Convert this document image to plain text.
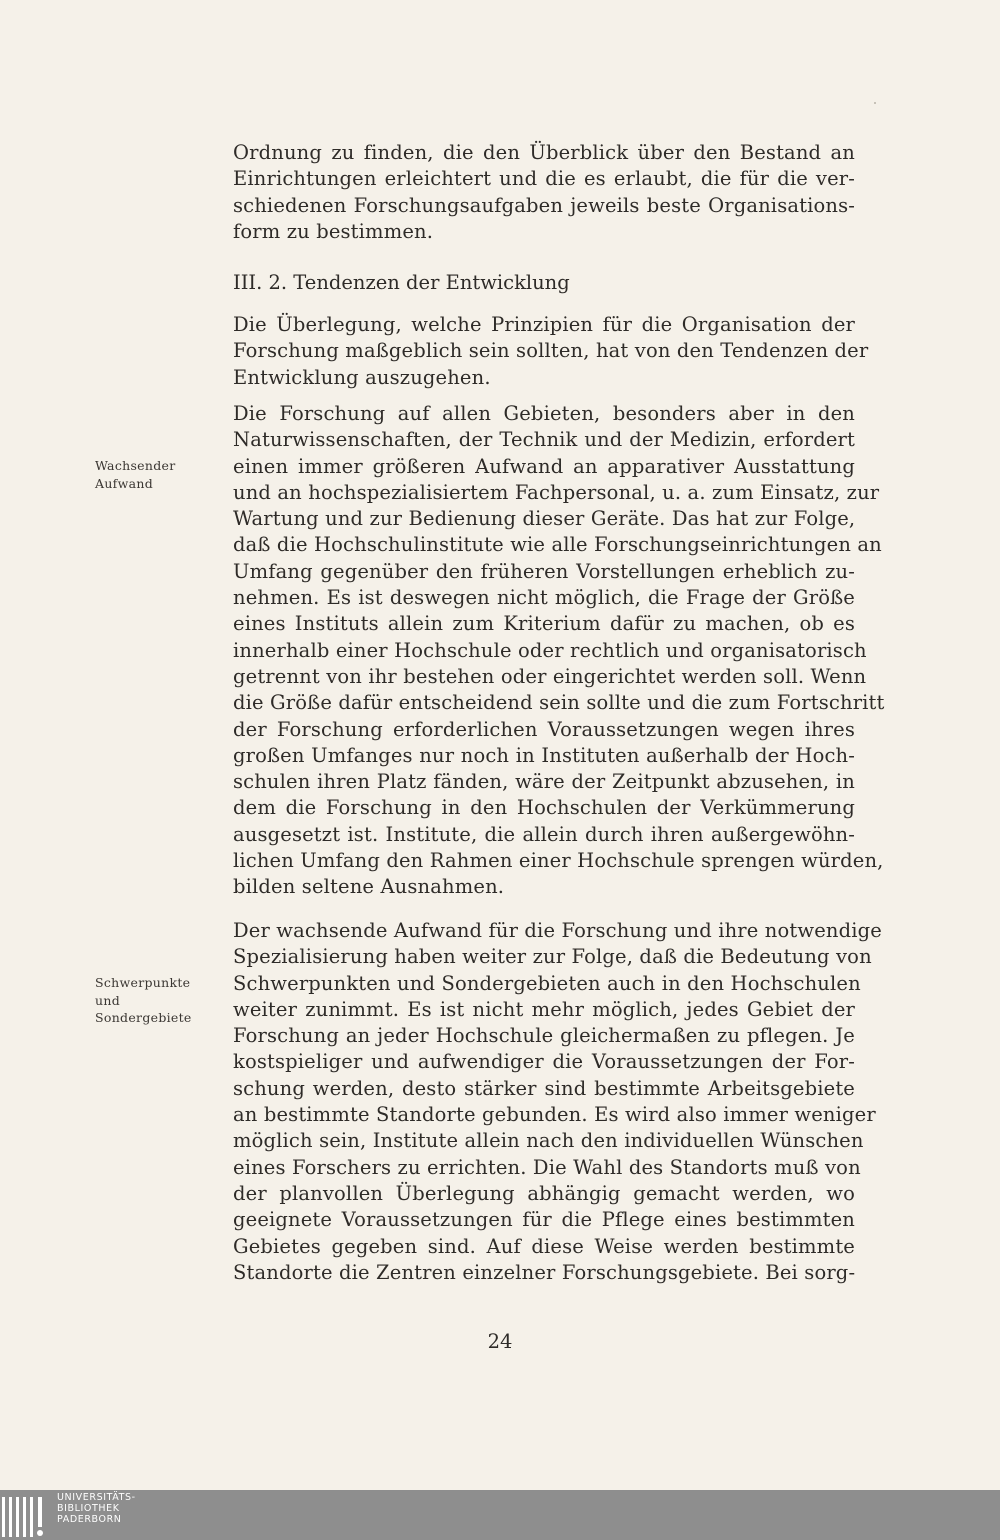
Ordnung zu finden, die den Überblick über den Bestand an
Einrichtungen erleichtert und die es erlaubt, die für die ver-
schiedenen Forschungsaufgaben jeweils beste Organisations-
form zu bestimmen.
III. 2. Tendenzen der Entwicklung
Die Überlegung, welche Prinzipien für die Organisation der
Forschung maßgeblich sein sollten, hat von den Tendenzen der
Entwicklung auszugehen.
Wachsender
Aufwand
Die Forschung auf allen Gebieten, besonders aber in den
Naturwissenschaften, der Technik und der Medizin, erfordert
einen immer größeren Aufwand an apparativer Ausstattung
und an hochspezialisiertem Fachpersonal, u. a. zum Einsatz, zur
Wartung und zur Bedienung dieser Geräte. Das hat zur Folge,
daß die Hochschulinstitute wie alle Forschungseinrichtungen an
Umfang gegenüber den früheren Vorstellungen erheblich zu-
nehmen. Es ist deswegen nicht möglich, die Frage der Größe
eines Instituts allein zum Kriterium dafür zu machen, ob es
innerhalb einer Hochschule oder rechtlich und organisatorisch
getrennt von ihr bestehen oder eingerichtet werden soll. Wenn
die Größe dafür entscheidend sein sollte und die zum Fortschritt
der Forschung erforderlichen Voraussetzungen wegen ihres
großen Umfanges nur noch in Instituten außerhalb der Hoch-
schulen ihren Platz fänden, wäre der Zeitpunkt abzusehen, in
dem die Forschung in den Hochschulen der Verkümmerung
ausgesetzt ist. Institute, die allein durch ihren außergewöhn-
lichen Umfang den Rahmen einer Hochschule sprengen würden,
bilden seltene Ausnahmen.
Schwerpunkte
und
Sondergebiete
Der wachsende Aufwand für die Forschung und ihre notwendige
Spezialisierung haben weiter zur Folge, daß die Bedeutung von
Schwerpunkten und Sondergebieten auch in den Hochschulen
weiter zunimmt. Es ist nicht mehr möglich, jedes Gebiet der
Forschung an jeder Hochschule gleichermaßen zu pflegen. Je
kostspieliger und aufwendiger die Voraussetzungen der For-
schung werden, desto stärker sind bestimmte Arbeitsgebiete
an bestimmte Standorte gebunden. Es wird also immer weniger
möglich sein, Institute allein nach den individuellen Wünschen
eines Forschers zu errichten. Die Wahl des Standorts muß von
der planvollen Überlegung abhängig gemacht werden, wo
geeignete Voraussetzungen für die Pflege eines bestimmten
Gebietes gegeben sind. Auf diese Weise werden bestimmte
Standorte die Zentren einzelner Forschungsgebiete. Bei sorg-
24
UNIVERSITÄTS-
BIBLIOTHEK
PADERBORN
